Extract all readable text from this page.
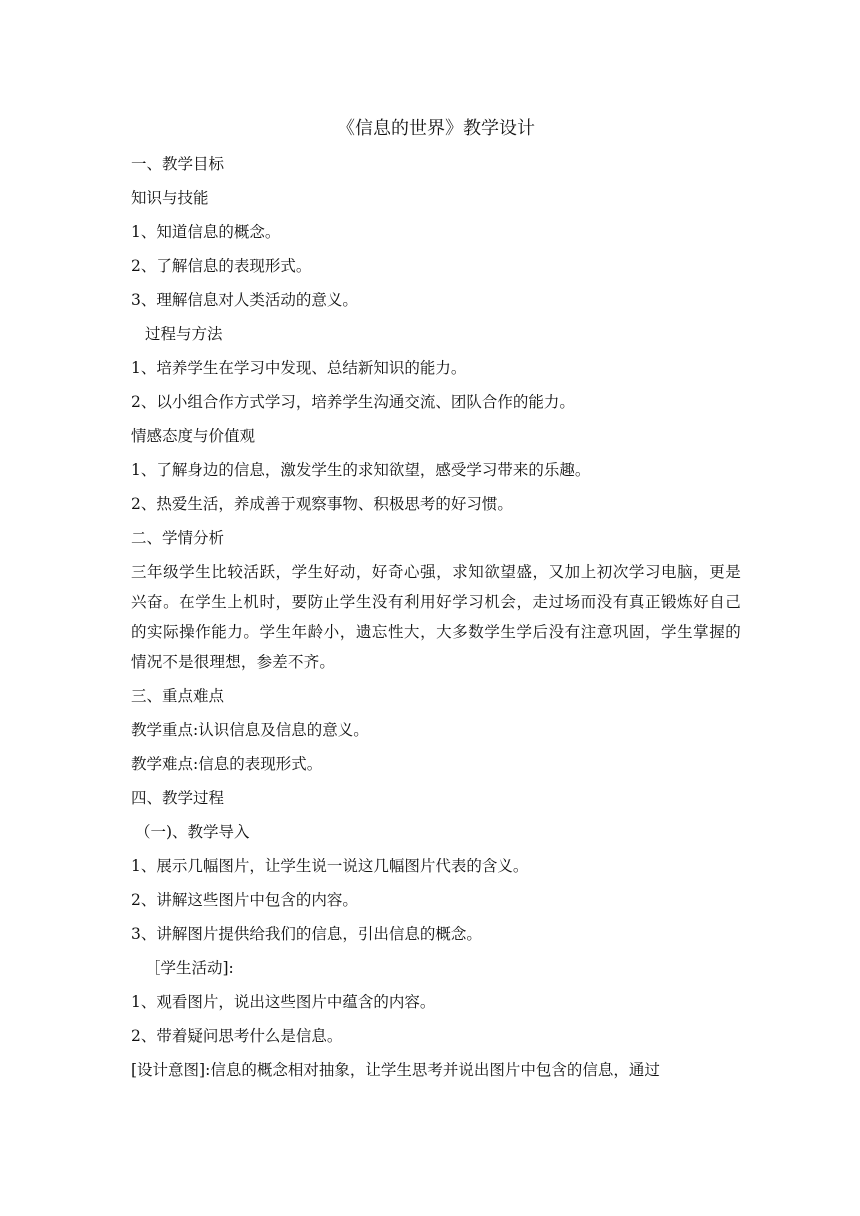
《信息的世界》教学设计

一、教学目标

知识与技能

1、知道信息的概念。

2、了解信息的表现形式。

3、理解信息对人类活动的意义。

过程与方法

1、培养学生在学习中发现、总结新知识的能力。

2、以小组合作方式学习，培养学生沟通交流、团队合作的能力。

情感态度与价值观

1、了解身边的信息，激发学生的求知欲望，感受学习带来的乐趣。

2、热爱生活，养成善于观察事物、积极思考的好习惯。

二、学情分析

三年级学生比较活跃，学生好动，好奇心强，求知欲望盛，又加上初次学习电脑，更是兴奋。在学生上机时，要防止学生没有利用好学习机会，走过场而没有真正锻炼好自己的实际操作能力。学生年龄小，遗忘性大，大多数学生学后没有注意巩固，学生掌握的情况不是很理想，参差不齐。

三、重点难点

教学重点:认识信息及信息的意义。

教学难点:信息的表现形式。

四、教学过程

（一)、教学导入

1、展示几幅图片，让学生说一说这几幅图片代表的含义。

2、讲解这些图片中包含的内容。

3、讲解图片提供给我们的信息，引出信息的概念。

［学生活动]:

1、观看图片，说出这些图片中蕴含的内容。

2、带着疑问思考什么是信息。

[设计意图]:信息的概念相对抽象，让学生思考并说出图片中包含的信息，通过
